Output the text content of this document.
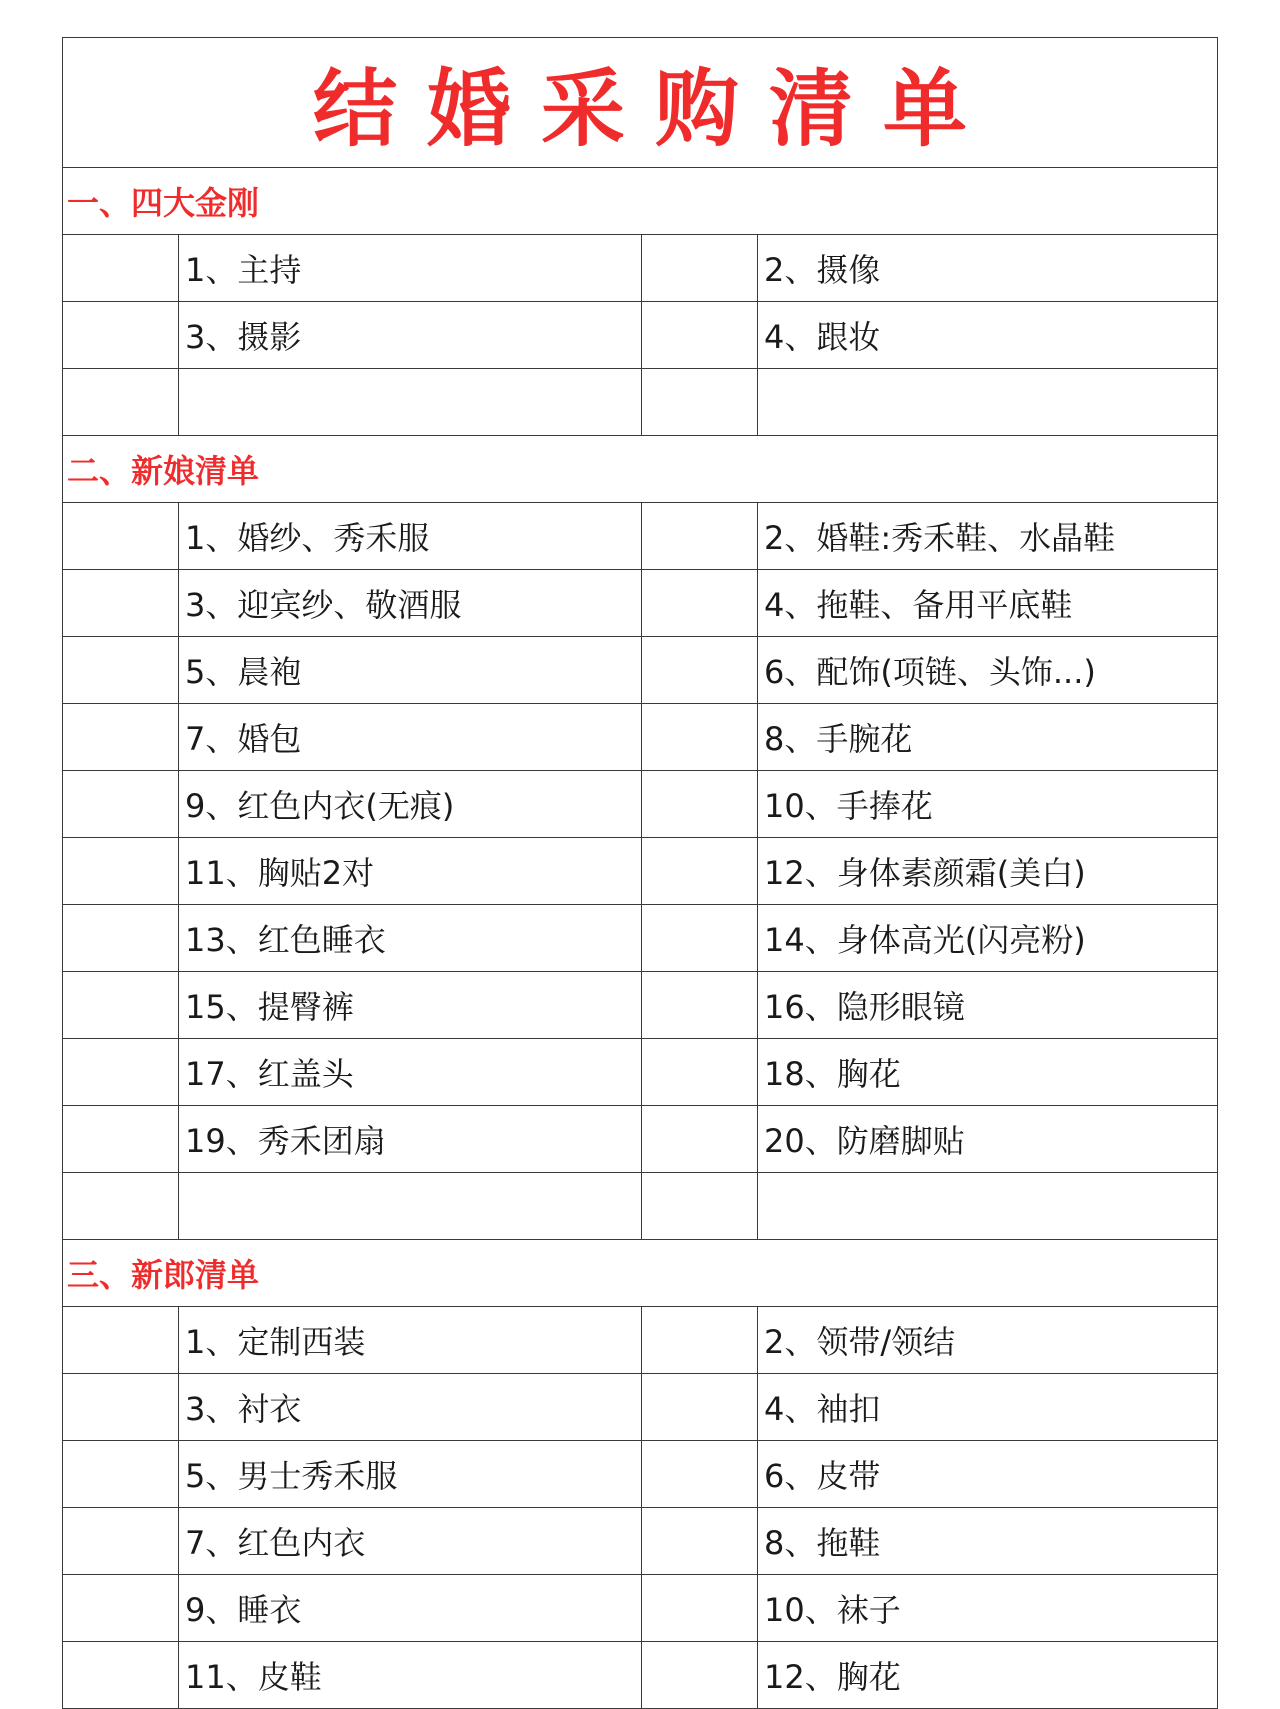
结婚采购清单			
一、四大金刚			
	1、主持		2、摄像
	3、摄影		4、跟妆

二、新娘清单			
	1、婚纱、秀禾服		2、婚鞋:秀禾鞋、水晶鞋
	3、迎宾纱、敬酒服		4、拖鞋、备用平底鞋
	5、晨袍		6、配饰(项链、头饰...)
	7、婚包		8、手腕花
	9、红色内衣(无痕)		10、手捧花
	11、胸贴2对		12、身体素颜霜(美白)
	13、红色睡衣		14、身体高光(闪亮粉)
	15、提臀裤		16、隐形眼镜
	17、红盖头		18、胸花
	19、秀禾团扇		20、防磨脚贴

三、新郎清单			
	1、定制西装		2、领带/领结
	3、衬衣		4、袖扣
	5、男士秀禾服		6、皮带
	7、红色内衣		8、拖鞋
	9、睡衣		10、袜子
	11、皮鞋		12、胸花
